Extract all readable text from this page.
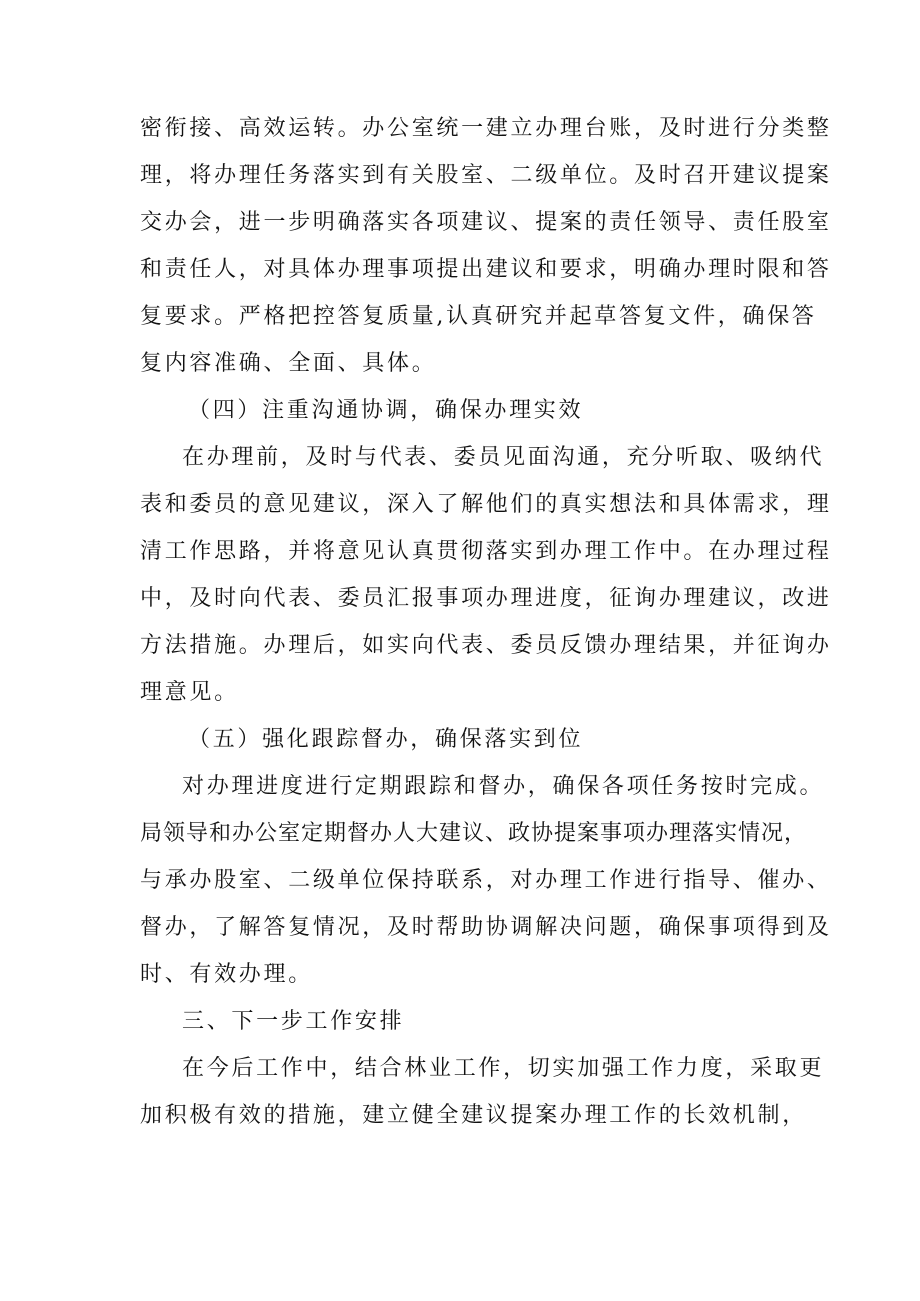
密衔接、高效运转。办公室统一建立办理台账，及时进行分类整
理，将办理任务落实到有关股室、二级单位。及时召开建议提案
交办会，进一步明确落实各项建议、提案的责任领导、责任股室
和责任人，对具体办理事项提出建议和要求，明确办理时限和答
复要求。严格把控答复质量,认真研究并起草答复文件，确保答
复内容准确、全面、具体。
（四）注重沟通协调，确保办理实效
在办理前，及时与代表、委员见面沟通，充分听取、吸纳代
表和委员的意见建议，深入了解他们的真实想法和具体需求，理
清工作思路，并将意见认真贯彻落实到办理工作中。在办理过程
中，及时向代表、委员汇报事项办理进度，征询办理建议，改进
方法措施。办理后，如实向代表、委员反馈办理结果，并征询办
理意见。
（五）强化跟踪督办，确保落实到位
对办理进度进行定期跟踪和督办，确保各项任务按时完成。
局领导和办公室定期督办人大建议、政协提案事项办理落实情况，
与承办股室、二级单位保持联系，对办理工作进行指导、催办、
督办，了解答复情况，及时帮助协调解决问题，确保事项得到及
时、有效办理。
三、下一步工作安排
在今后工作中，结合林业工作，切实加强工作力度，采取更
加积极有效的措施，建立健全建议提案办理工作的长效机制，
